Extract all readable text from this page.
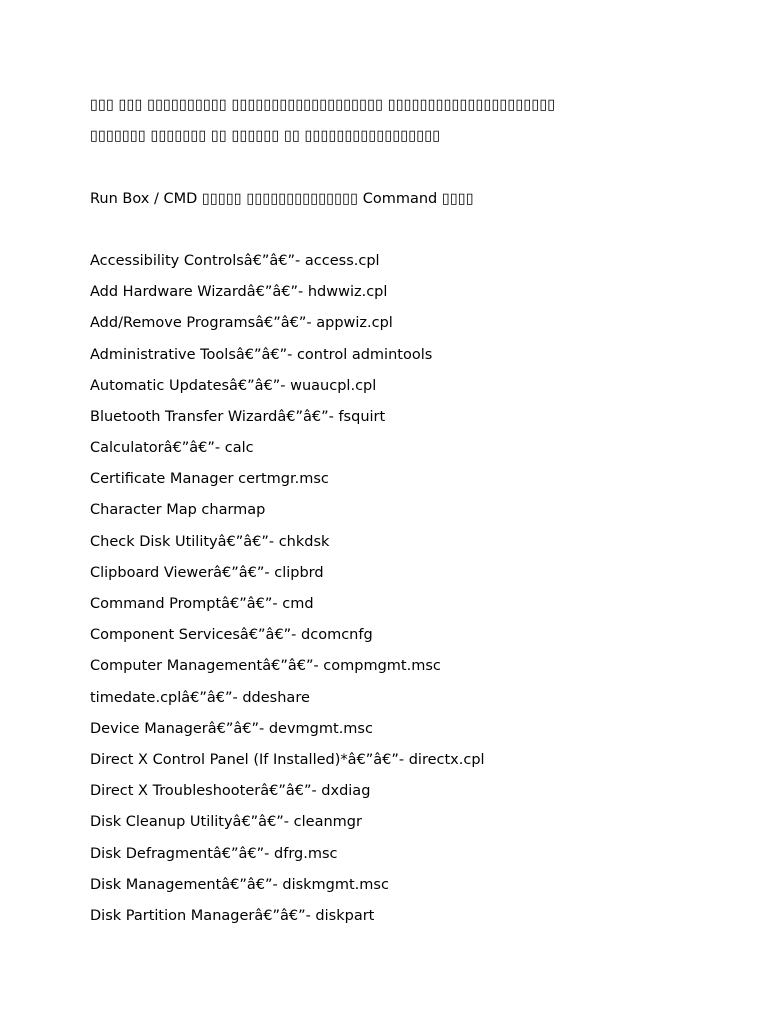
▯▯▯ ▯▯▯ ▯▯▯▯▯▯▯▯▯▯ ▯▯▯▯▯▯▯▯▯▯▯▯▯▯▯▯▯▯▯ ▯▯▯▯▯▯▯▯▯▯▯▯▯▯▯▯▯▯▯▯▯
▯▯▯▯▯▯▯ ▯▯▯▯▯▯▯ ▯▯ ▯▯▯▯▯▯ ▯▯ ▯▯▯▯▯▯▯▯▯▯▯▯▯▯▯▯▯
Run Box / CMD ▯▯▯▯▯ ▯▯▯▯▯▯▯▯▯▯▯▯▯▯ Command ▯▯▯▯
Accessibility Controlsâ€”â€”- access.cpl
Add Hardware Wizardâ€”â€”- hdwwiz.cpl
Add/Remove Programsâ€”â€”- appwiz.cpl
Administrative Toolsâ€”â€”- control admintools
Automatic Updatesâ€”â€”- wuaucpl.cpl
Bluetooth Transfer Wizardâ€”â€”- fsquirt
Calculatorâ€”â€”- calc
Certificate Manager certmgr.msc
Character Map charmap
Check Disk Utilityâ€”â€”- chkdsk
Clipboard Viewerâ€”â€”- clipbrd
Command Promptâ€”â€”- cmd
Component Servicesâ€”â€”- dcomcnfg
Computer Managementâ€”â€”- compmgmt.msc
timedate.cplâ€”â€”- ddeshare
Device Managerâ€”â€”- devmgmt.msc
Direct X Control Panel (If Installed)*â€”â€”- directx.cpl
Direct X Troubleshooterâ€”â€”- dxdiag
Disk Cleanup Utilityâ€”â€”- cleanmgr
Disk Defragmentâ€”â€”- dfrg.msc
Disk Managementâ€”â€”- diskmgmt.msc
Disk Partition Managerâ€”â€”- diskpart
